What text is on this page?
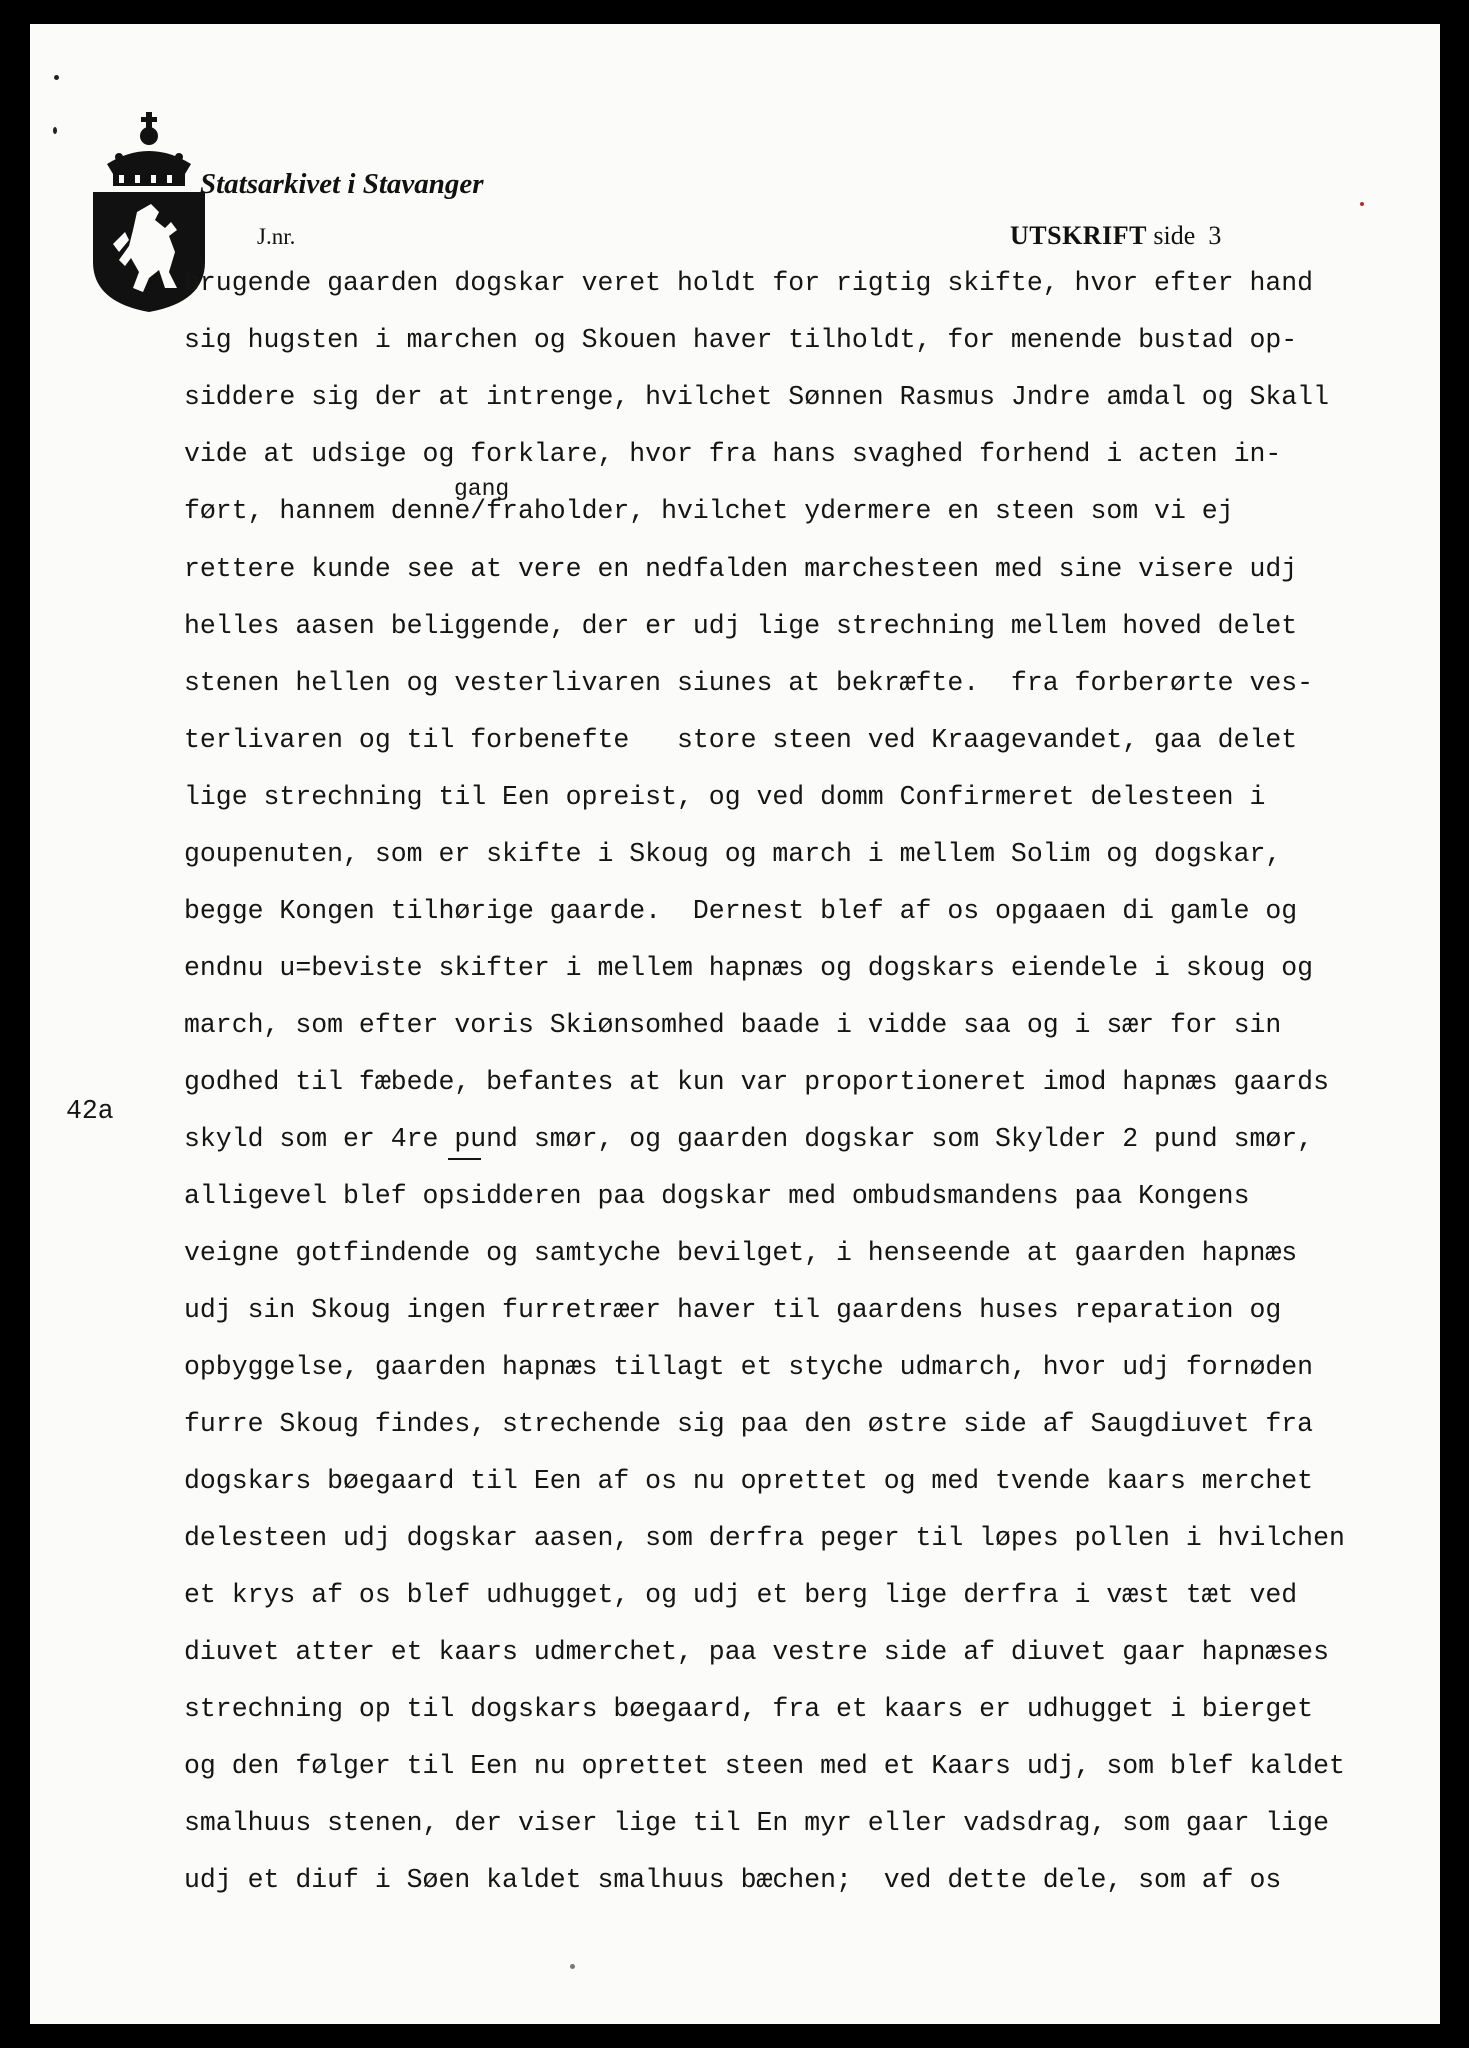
Statsarkivet i Stavanger
J.nr.	UTSKRIFT side 3
42a
gang
brugende gaarden dogskar veret holdt for rigtig skifte, hvor efter hand
sig hugsten i marchen og Skouen haver tilholdt, for menende bustad op-
siddere sig der at intrenge, hvilchet Sønnen Rasmus Jndre amdal og Skall
vide at udsige og forklare, hvor fra hans svaghed forhend i acten in-
ført, hannem denne/fraholder, hvilchet ydermere en steen som vi ej
rettere kunde see at vere en nedfalden marchesteen med sine visere udj
helles aasen beliggende, der er udj lige strechning mellem hoved delet
stenen hellen og vesterlivaren siunes at bekræfte.  fra forberørte ves-
terlivaren og til forbenefte   store steen ved Kraagevandet, gaa delet
lige strechning til Een opreist, og ved domm Confirmeret delesteen i
goupenuten, som er skifte i Skoug og march i mellem Solim og dogskar,
begge Kongen tilhørige gaarde.  Dernest blef af os opgaaen di gamle og
endnu u=beviste skifter i mellem hapnæs og dogskars eiendele i skoug og
march, som efter voris Skiønsomhed baade i vidde saa og i sær for sin
godhed til fæbede, befantes at kun var proportioneret imod hapnæs gaards
skyld som er 4re pund smør, og gaarden dogskar som Skylder 2 pund smør,
alligevel blef opsidderen paa dogskar med ombudsmandens paa Kongens
veigne gotfindende og samtyche bevilget, i henseende at gaarden hapnæs
udj sin Skoug ingen furretræer haver til gaardens huses reparation og
opbyggelse, gaarden hapnæs tillagt et styche udmarch, hvor udj fornøden
furre Skoug findes, strechende sig paa den østre side af Saugdiuvet fra
dogskars bøegaard til Een af os nu oprettet og med tvende kaars merchet
delesteen udj dogskar aasen, som derfra peger til løpes pollen i hvilchen
et krys af os blef udhugget, og udj et berg lige derfra i væst tæt ved
diuvet atter et kaars udmerchet, paa vestre side af diuvet gaar hapnæses
strechning op til dogskars bøegaard, fra et kaars er udhugget i bierget
og den følger til Een nu oprettet steen med et Kaars udj, som blef kaldet
smalhuus stenen, der viser lige til En myr eller vadsdrag, som gaar lige
udj et diuf i Søen kaldet smalhuus bæchen;  ved dette dele, som af os
